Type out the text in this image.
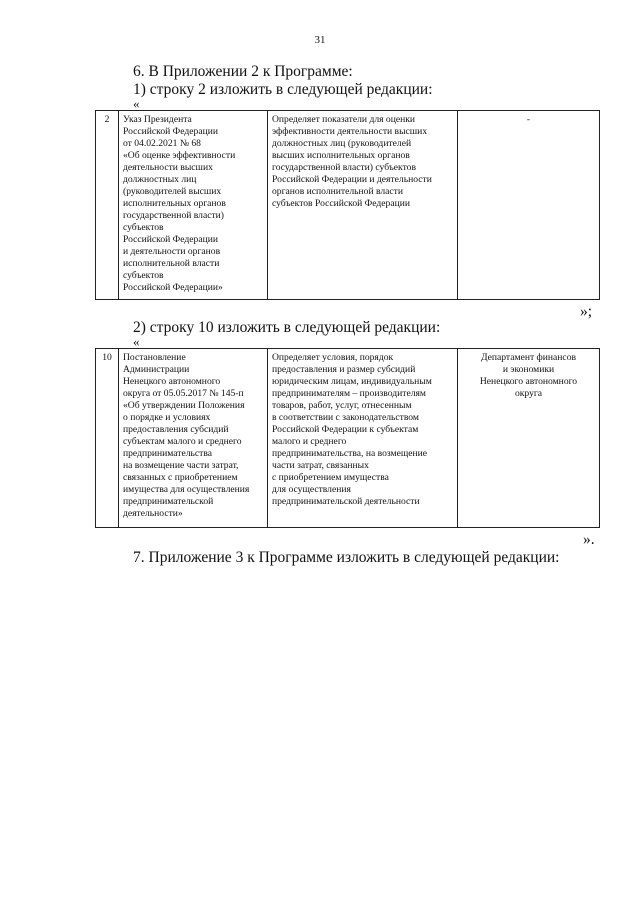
31
6. В Приложении 2 к Программе:
1) строку 2 изложить в следующей редакции:
«
2	Указ Президента
Российской Федерации
от 04.02.2021 № 68
«Об оценке эффективности
деятельности высших
должностных лиц
(руководителей высших
исполнительных органов
государственной власти)
субъектов
Российской Федерации
и деятельности органов
исполнительной власти
субъектов
Российской Федерации»

Определяет показатели для оценки
эффективности деятельности высших
должностных лиц (руководителей
высших исполнительных органов
государственной власти) субъектов
Российской Федерации и деятельности
органов исполнительной власти
субъектов Российской Федерации

-
»;
2) строку 10 изложить в следующей редакции:
«
10	Постановление
Администрации
Ненецкого автономного
округа от 05.05.2017 № 145-п
«Об утверждении Положения
о порядке и условиях
предоставления субсидий
субъектам малого и среднего
предпринимательства
на возмещение части затрат,
связанных с приобретением
имущества для осуществления
предпринимательской
деятельности»

Определяет условия, порядок
предоставления и размер субсидий
юридическим лицам, индивидуальным
предпринимателям – производителям
товаров, работ, услуг, отнесенным
в соответствии с законодательством
Российской Федерации к субъектам
малого и среднего
предпринимательства, на возмещение
части затрат, связанных
с приобретением имущества
для осуществления
предпринимательской деятельности

Департамент финансов
и экономики
Ненецкого автономного
округа
».
7. Приложение 3 к Программе изложить в следующей редакции:
